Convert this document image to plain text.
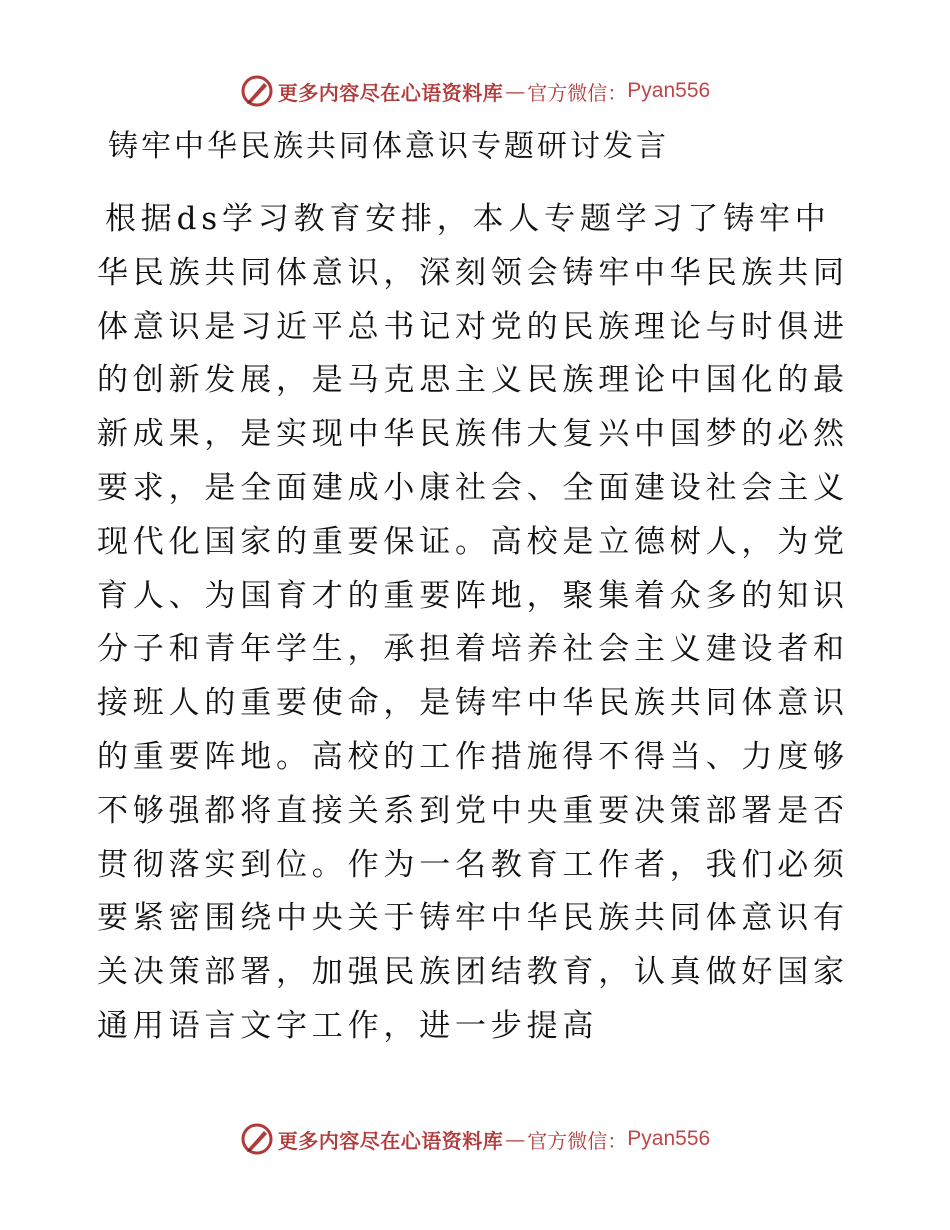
更多内容尽在心语资料库 — 官方微信： Pyan556
铸牢中华民族共同体意识专题研讨发言
根据ds学习教育安排，本人专题学习了铸牢中华民族共同体意识，深刻领会铸牢中华民族共同体意识是习近平总书记对党的民族理论与时俱进的创新发展，是马克思主义民族理论中国化的最新成果，是实现中华民族伟大复兴中国梦的必然要求，是全面建成小康社会、全面建设社会主义现代化国家的重要保证。高校是立德树人，为党育人、为国育才的重要阵地，聚集着众多的知识分子和青年学生，承担着培养社会主义建设者和接班人的重要使命，是铸牢中华民族共同体意识的重要阵地。高校的工作措施得不得当、力度够不够强都将直接关系到党中央重要决策部署是否贯彻落实到位。作为一名教育工作者，我们必须要紧密围绕中央关于铸牢中华民族共同体意识有关决策部署，加强民族团结教育，认真做好国家通用语言文字工作，进一步提高
更多内容尽在心语资料库 — 官方微信： Pyan556
